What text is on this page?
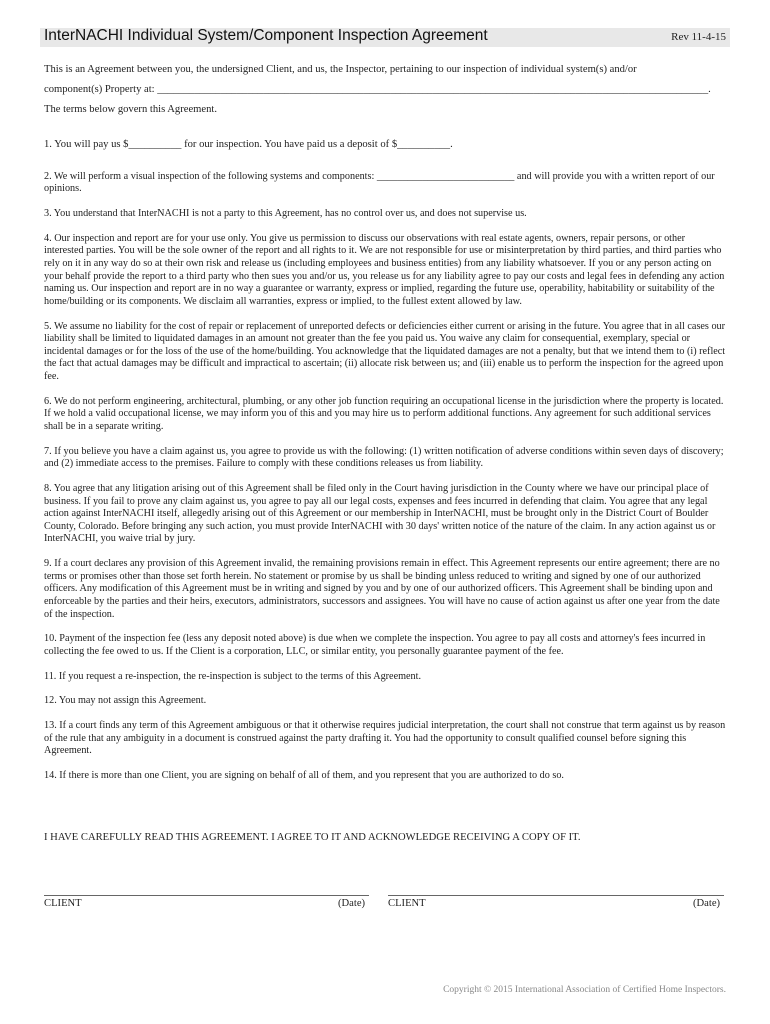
InterNACHI Individual System/Component Inspection Agreement	Rev 11-4-15

This is an Agreement between you, the undersigned Client, and us, the Inspector, pertaining to our inspection of individual system(s) and/or

component(s) Property at: ________________________________________________________________________________________________________.

The terms below govern this Agreement.

1. You will pay us $__________ for our inspection. You have paid us a deposit of $__________.

2. We will perform a visual inspection of the following systems and components: ___________________________ and will provide you with a written report of our opinions.

3. You understand that InterNACHI is not a party to this Agreement, has no control over us, and does not supervise us.

4. Our inspection and report are for your use only. You give us permission to discuss our observations with real estate agents, owners, repair persons, or other interested parties. You will be the sole owner of the report and all rights to it. We are not responsible for use or misinterpretation by third parties, and third parties who rely on it in any way do so at their own risk and release us (including employees and business entities) from any liability whatsoever. If you or any person acting on your behalf provide the report to a third party who then sues you and/or us, you release us for any liability agree to pay our costs and legal fees in defending any action naming us. Our inspection and report are in no way a guarantee or warranty, express or implied, regarding the future use, operability, habitability or suitability of the home/building or its components. We disclaim all warranties, express or implied, to the fullest extent allowed by law.

5. We assume no liability for the cost of repair or replacement of unreported defects or deficiencies either current or arising in the future. You agree that in all cases our liability shall be limited to liquidated damages in an amount not greater than the fee you paid us. You waive any claim for consequential, exemplary, special or incidental damages or for the loss of the use of the home/building. You acknowledge that the liquidated damages are not a penalty, but that we intend them to (i) reflect the fact that actual damages may be difficult and impractical to ascertain; (ii) allocate risk between us; and (iii) enable us to perform the inspection for the agreed upon fee.

6. We do not perform engineering, architectural, plumbing, or any other job function requiring an occupational license in the jurisdiction where the property is located. If we hold a valid occupational license, we may inform you of this and you may hire us to perform additional functions. Any agreement for such additional services shall be in a separate writing.

7. If you believe you have a claim against us, you agree to provide us with the following: (1) written notification of adverse conditions within seven days of discovery; and (2) immediate access to the premises. Failure to comply with these conditions releases us from liability.

8. You agree that any litigation arising out of this Agreement shall be filed only in the Court having jurisdiction in the County where we have our principal place of business. If you fail to prove any claim against us, you agree to pay all our legal costs, expenses and fees incurred in defending that claim. You agree that any legal action against InterNACHI itself, allegedly arising out of this Agreement or our membership in InterNACHI, must be brought only in the District Court of Boulder County, Colorado. Before bringing any such action, you must provide InterNACHI with 30 days' written notice of the nature of the claim. In any action against us or InterNACHI, you waive trial by jury.

9. If a court declares any provision of this Agreement invalid, the remaining provisions remain in effect. This Agreement represents our entire agreement; there are no terms or promises other than those set forth herein. No statement or promise by us shall be binding unless reduced to writing and signed by one of our authorized officers. Any modification of this Agreement must be in writing and signed by you and by one of our authorized officers. This Agreement shall be binding upon and enforceable by the parties and their heirs, executors, administrators, successors and assignees. You will have no cause of action against us after one year from the date of the inspection.

10. Payment of the inspection fee (less any deposit noted above) is due when we complete the inspection. You agree to pay all costs and attorney's fees incurred in collecting the fee owed to us. If the Client is a corporation, LLC, or similar entity, you personally guarantee payment of the fee.

11. If you request a re-inspection, the re-inspection is subject to the terms of this Agreement.

12. You may not assign this Agreement.

13. If a court finds any term of this Agreement ambiguous or that it otherwise requires judicial interpretation, the court shall not construe that term against us by reason of the rule that any ambiguity in a document is construed against the party drafting it. You had the opportunity to consult qualified counsel before signing this Agreement.

14. If there is more than one Client, you are signing on behalf of all of them, and you represent that you are authorized to do so.

I HAVE CAREFULLY READ THIS AGREEMENT. I AGREE TO IT AND ACKNOWLEDGE RECEIVING A COPY OF IT.
CLIENT	(Date) CLIENT	(Date)
Copyright © 2015 International Association of Certified Home Inspectors.
